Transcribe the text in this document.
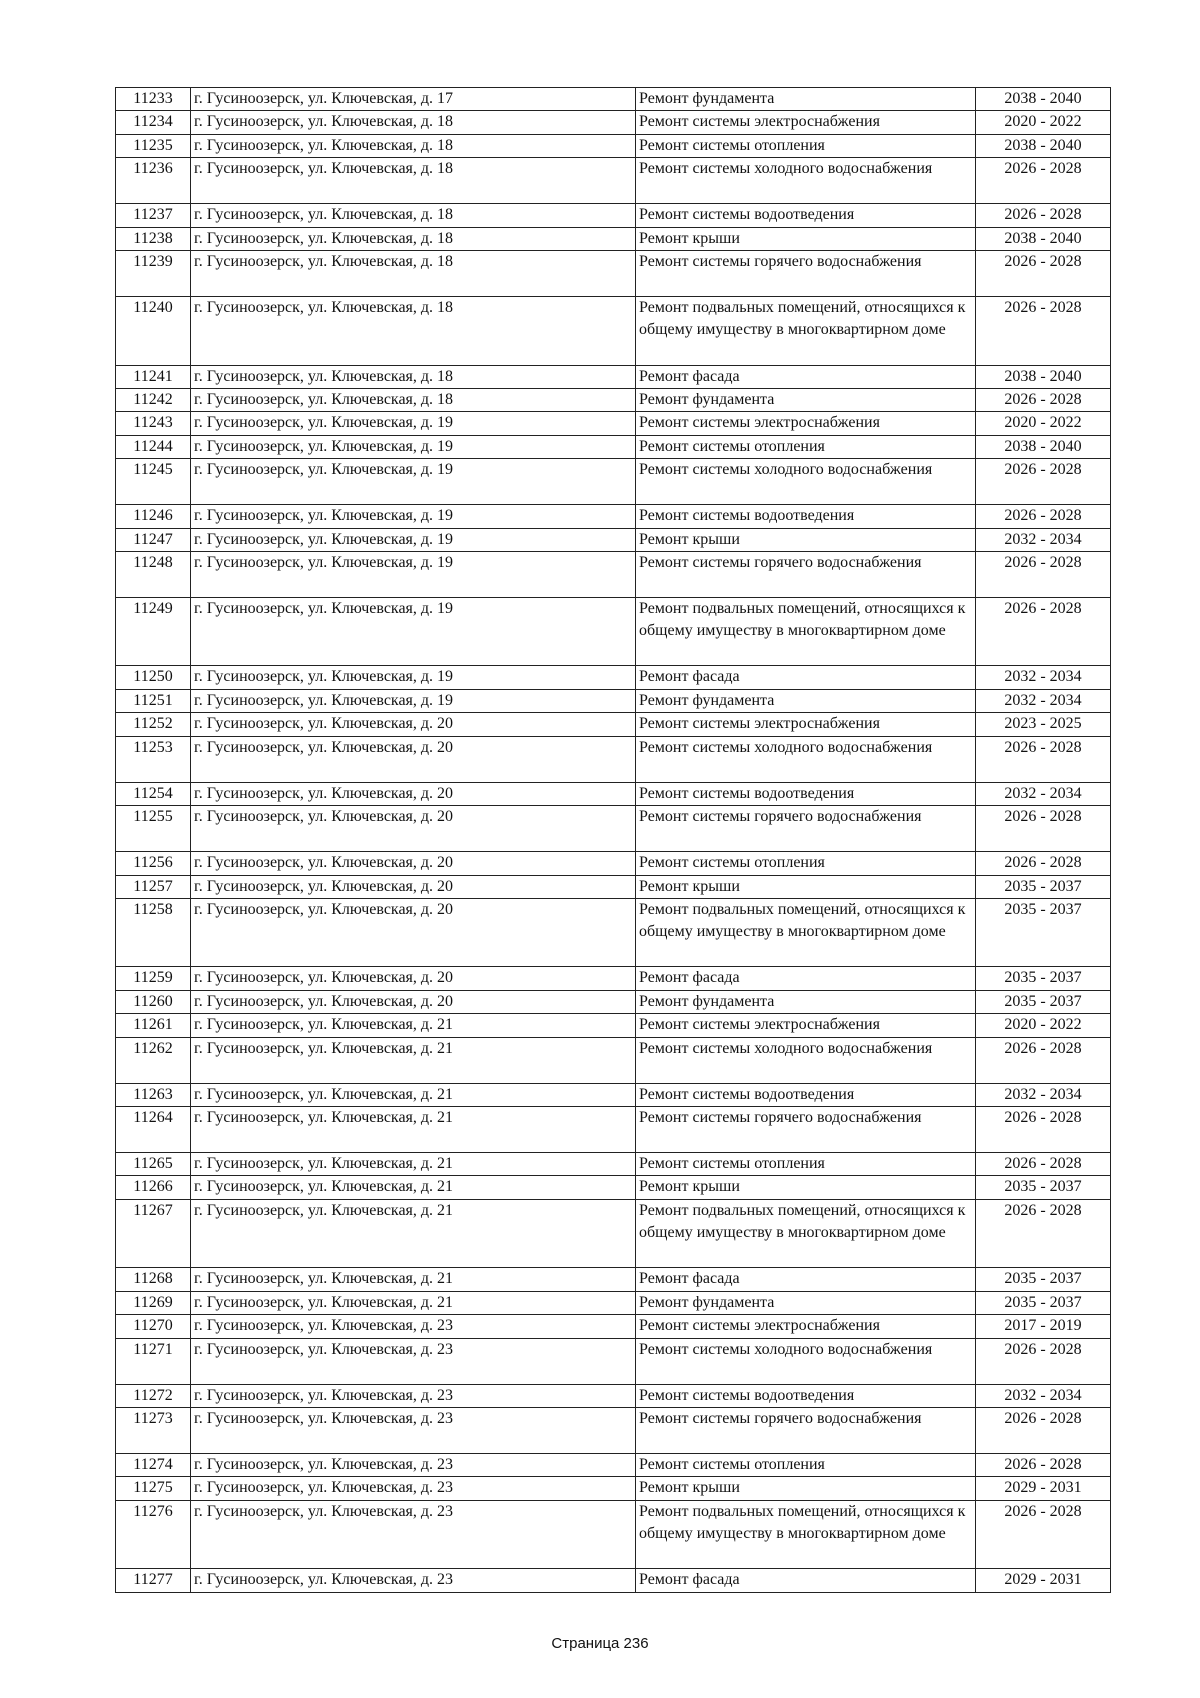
11233	г. Гусиноозерск, ул. Ключевская, д. 17	Ремонт фундамента	2038 - 2040
11234	г. Гусиноозерск, ул. Ключевская, д. 18	Ремонт системы электроснабжения	2020 - 2022
11235	г. Гусиноозерск, ул. Ключевская, д. 18	Ремонт системы отопления	2038 - 2040
11236	г. Гусиноозерск, ул. Ключевская, д. 18	Ремонт системы холодного водоснабжения	2026 - 2028
11237	г. Гусиноозерск, ул. Ключевская, д. 18	Ремонт системы водоотведения	2026 - 2028
11238	г. Гусиноозерск, ул. Ключевская, д. 18	Ремонт крыши	2038 - 2040
11239	г. Гусиноозерск, ул. Ключевская, д. 18	Ремонт системы горячего водоснабжения	2026 - 2028
11240	г. Гусиноозерск, ул. Ключевская, д. 18	Ремонт подвальных помещений, относящихся к общему имуществу в многоквартирном доме	2026 - 2028
11241	г. Гусиноозерск, ул. Ключевская, д. 18	Ремонт фасада	2038 - 2040
11242	г. Гусиноозерск, ул. Ключевская, д. 18	Ремонт фундамента	2026 - 2028
11243	г. Гусиноозерск, ул. Ключевская, д. 19	Ремонт системы электроснабжения	2020 - 2022
11244	г. Гусиноозерск, ул. Ключевская, д. 19	Ремонт системы отопления	2038 - 2040
11245	г. Гусиноозерск, ул. Ключевская, д. 19	Ремонт системы холодного водоснабжения	2026 - 2028
11246	г. Гусиноозерск, ул. Ключевская, д. 19	Ремонт системы водоотведения	2026 - 2028
11247	г. Гусиноозерск, ул. Ключевская, д. 19	Ремонт крыши	2032 - 2034
11248	г. Гусиноозерск, ул. Ключевская, д. 19	Ремонт системы горячего водоснабжения	2026 - 2028
11249	г. Гусиноозерск, ул. Ключевская, д. 19	Ремонт подвальных помещений, относящихся к общему имуществу в многоквартирном доме	2026 - 2028
11250	г. Гусиноозерск, ул. Ключевская, д. 19	Ремонт фасада	2032 - 2034
11251	г. Гусиноозерск, ул. Ключевская, д. 19	Ремонт фундамента	2032 - 2034
11252	г. Гусиноозерск, ул. Ключевская, д. 20	Ремонт системы электроснабжения	2023 - 2025
11253	г. Гусиноозерск, ул. Ключевская, д. 20	Ремонт системы холодного водоснабжения	2026 - 2028
11254	г. Гусиноозерск, ул. Ключевская, д. 20	Ремонт системы водоотведения	2032 - 2034
11255	г. Гусиноозерск, ул. Ключевская, д. 20	Ремонт системы горячего водоснабжения	2026 - 2028
11256	г. Гусиноозерск, ул. Ключевская, д. 20	Ремонт системы отопления	2026 - 2028
11257	г. Гусиноозерск, ул. Ключевская, д. 20	Ремонт крыши	2035 - 2037
11258	г. Гусиноозерск, ул. Ключевская, д. 20	Ремонт подвальных помещений, относящихся к общему имуществу в многоквартирном доме	2035 - 2037
11259	г. Гусиноозерск, ул. Ключевская, д. 20	Ремонт фасада	2035 - 2037
11260	г. Гусиноозерск, ул. Ключевская, д. 20	Ремонт фундамента	2035 - 2037
11261	г. Гусиноозерск, ул. Ключевская, д. 21	Ремонт системы электроснабжения	2020 - 2022
11262	г. Гусиноозерск, ул. Ключевская, д. 21	Ремонт системы холодного водоснабжения	2026 - 2028
11263	г. Гусиноозерск, ул. Ключевская, д. 21	Ремонт системы водоотведения	2032 - 2034
11264	г. Гусиноозерск, ул. Ключевская, д. 21	Ремонт системы горячего водоснабжения	2026 - 2028
11265	г. Гусиноозерск, ул. Ключевская, д. 21	Ремонт системы отопления	2026 - 2028
11266	г. Гусиноозерск, ул. Ключевская, д. 21	Ремонт крыши	2035 - 2037
11267	г. Гусиноозерск, ул. Ключевская, д. 21	Ремонт подвальных помещений, относящихся к общему имуществу в многоквартирном доме	2026 - 2028
11268	г. Гусиноозерск, ул. Ключевская, д. 21	Ремонт фасада	2035 - 2037
11269	г. Гусиноозерск, ул. Ключевская, д. 21	Ремонт фундамента	2035 - 2037
11270	г. Гусиноозерск, ул. Ключевская, д. 23	Ремонт системы электроснабжения	2017 - 2019
11271	г. Гусиноозерск, ул. Ключевская, д. 23	Ремонт системы холодного водоснабжения	2026 - 2028
11272	г. Гусиноозерск, ул. Ключевская, д. 23	Ремонт системы водоотведения	2032 - 2034
11273	г. Гусиноозерск, ул. Ключевская, д. 23	Ремонт системы горячего водоснабжения	2026 - 2028
11274	г. Гусиноозерск, ул. Ключевская, д. 23	Ремонт системы отопления	2026 - 2028
11275	г. Гусиноозерск, ул. Ключевская, д. 23	Ремонт крыши	2029 - 2031
11276	г. Гусиноозерск, ул. Ключевская, д. 23	Ремонт подвальных помещений, относящихся к общему имуществу в многоквартирном доме	2026 - 2028
11277	г. Гусиноозерск, ул. Ключевская, д. 23	Ремонт фасада	2029 - 2031
Страница 236
